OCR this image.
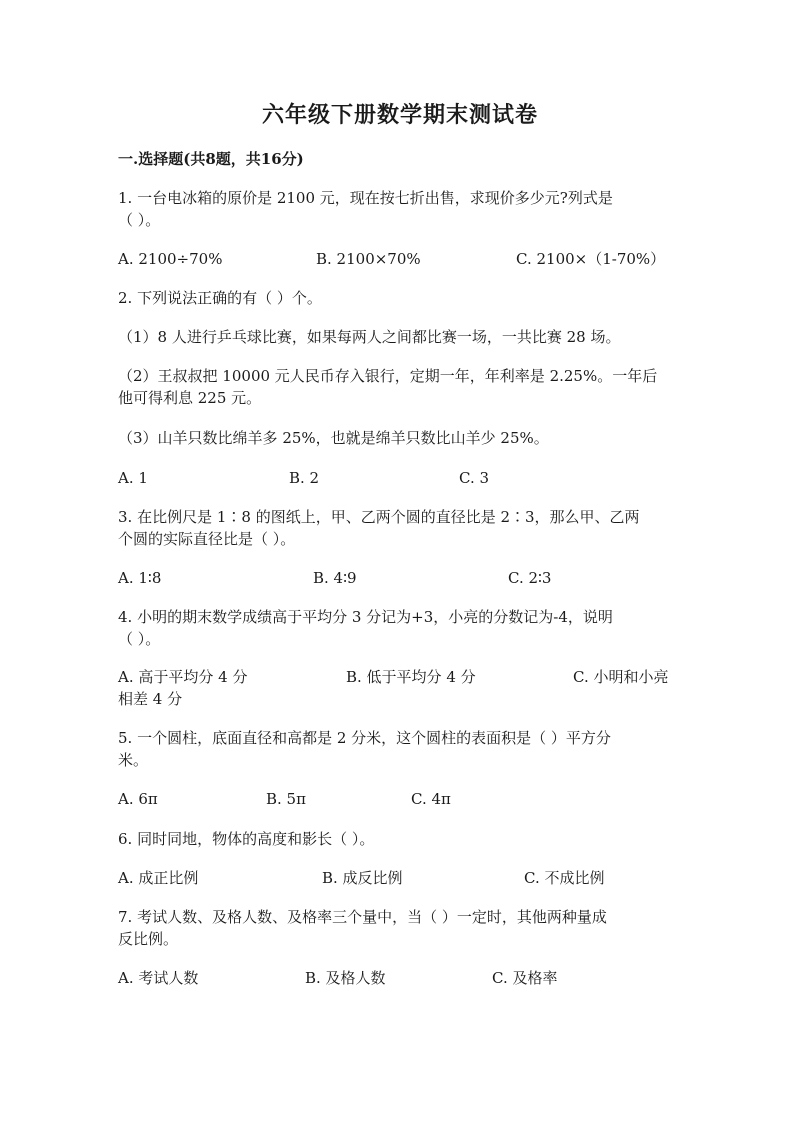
六年级下册数学期末测试卷
一.选择题(共8题，共16分)
1. 一台电冰箱的原价是 2100 元，现在按七折出售，求现价多少元?列式是
（ ）。
A. 2100÷70%	B. 2100×70%	C. 2100×（1-70%）
2. 下列说法正确的有（ ）个。
（1）8 人进行乒乓球比赛，如果每两人之间都比赛一场，一共比赛 28 场。
（2）王叔叔把 10000 元人民币存入银行，定期一年，年利率是 2.25%。一年后
他可得利息 225 元。
（3）山羊只数比绵羊多 25%，也就是绵羊只数比山羊少 25%。
A. 1	B. 2	C. 3
3. 在比例尺是 1∶8 的图纸上，甲、乙两个圆的直径比是 2∶3，那么甲、乙两
个圆的实际直径比是（ ）。
A. 1∶8	B. 4∶9	C. 2∶3
4. 小明的期末数学成绩高于平均分 3 分记为+3，小亮的分数记为-4，说明
（ ）。
A. 高于平均分 4 分	B. 低于平均分 4 分	C. 小明和小亮
相差 4 分
5. 一个圆柱，底面直径和高都是 2 分米，这个圆柱的表面积是（ ）平方分
米。
A. 6π	B. 5π	C. 4π
6. 同时同地，物体的高度和影长（ ）。
A. 成正比例	B. 成反比例	C. 不成比例
7. 考试人数、及格人数、及格率三个量中，当（ ）一定时，其他两种量成
反比例。
A. 考试人数	B. 及格人数	C. 及格率
